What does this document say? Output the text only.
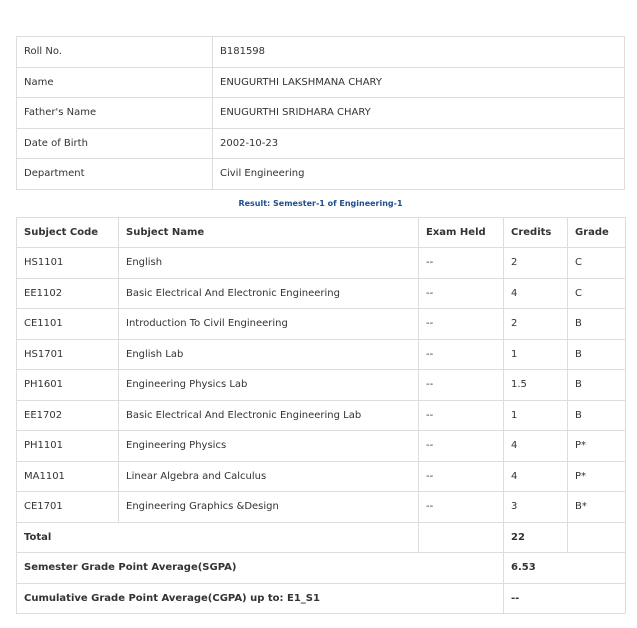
Roll No.	B181598
Name	ENUGURTHI LAKSHMANA CHARY
Father's Name	ENUGURTHI SRIDHARA CHARY
Date of Birth	2002-10-23
Department	Civil Engineering
Result: Semester-1 of Engineering-1
Subject Code	Subject Name	Exam Held	Credits	Grade
HS1101	English	--	2	C
EE1102	Basic Electrical And Electronic Engineering	--	4	C
CE1101	Introduction To Civil Engineering	--	2	B
HS1701	English Lab	--	1	B
PH1601	Engineering Physics Lab	--	1.5	B
EE1702	Basic Electrical And Electronic Engineering Lab	--	1	B
PH1101	Engineering Physics	--	4	P*
MA1101	Linear Algebra and Calculus	--	4	P*
CE1701	Engineering Graphics &Design	--	3	B*
Total			22	
Semester Grade Point Average(SGPA)			6.53	
Cumulative Grade Point Average(CGPA) up to: E1_S1			--	
